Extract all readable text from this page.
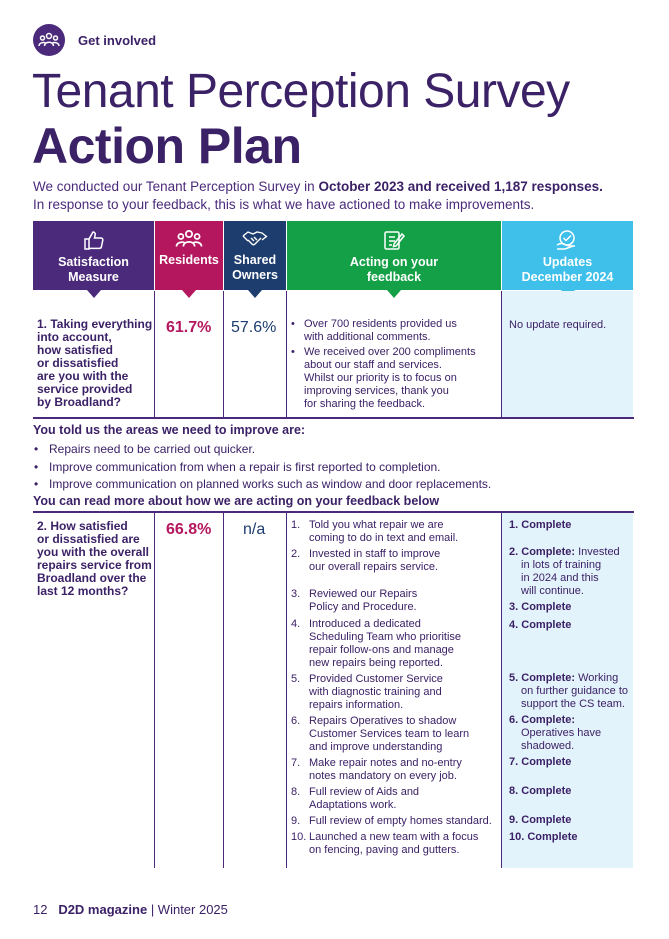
Get involved
Tenant Perception Survey
Action Plan
We conducted our Tenant Perception Survey in October 2023 and received 1,187 responses.
In response to your feedback, this is what we have actioned to make improvements.
Satisfaction
Measure
Residents Shared
Owners
Acting on your
feedback
Updates
December 2024
1. Taking everything
into account,
how satisfied
or dissatisfied
are you with the
service provided
by Broadland?
61.7% 57.6%
•	Over 700 residents provided us
with additional comments.
• We received over 200 compliments
about our staff and services.
Whilst our priority is to focus on
improving services, thank you
for sharing the feedback.
No update required.
You told us the areas we need to improve are:
• Repairs need to be carried out quicker.
• Improve communication from when a repair is first reported to completion.
• Improve communication on planned works such as window and door replacements.
You can read more about how we are acting on your feedback below
2. How satisfied
or dissatisfied are
you with the overall
repairs service from
Broadland over the
last 12 months?
66.8% n/a 1. Told you what repair we are
coming to do in text and email.
2. Invested in staff to improve
our overall repairs service.
3. Reviewed our Repairs
Policy and Procedure.
4. Introduced a dedicated
Scheduling Team who prioritise
repair follow-ons and manage
new repairs being reported.
5. Provided Customer Service
with diagnostic training and
repairs information.
6. Repairs Operatives to shadow
Customer Services team to learn
and improve understanding
7. Make repair notes and no-entry
notes mandatory on every job.
8. Full review of Aids and
Adaptations work.
9. Full review of empty homes standard.
10. Launched a new team with a focus
on fencing, paving and gutters.
1. Complete
2. Complete: Invested
in lots of training
in 2024 and this
will continue.
3. Complete
4. Complete
5. Complete: Working
on further guidance to
support the CS team.
6. Complete:
Operatives have
shadowed.
7. Complete
8. Complete
9. Complete
10. Complete
12 D2D magazine | Winter 2025
